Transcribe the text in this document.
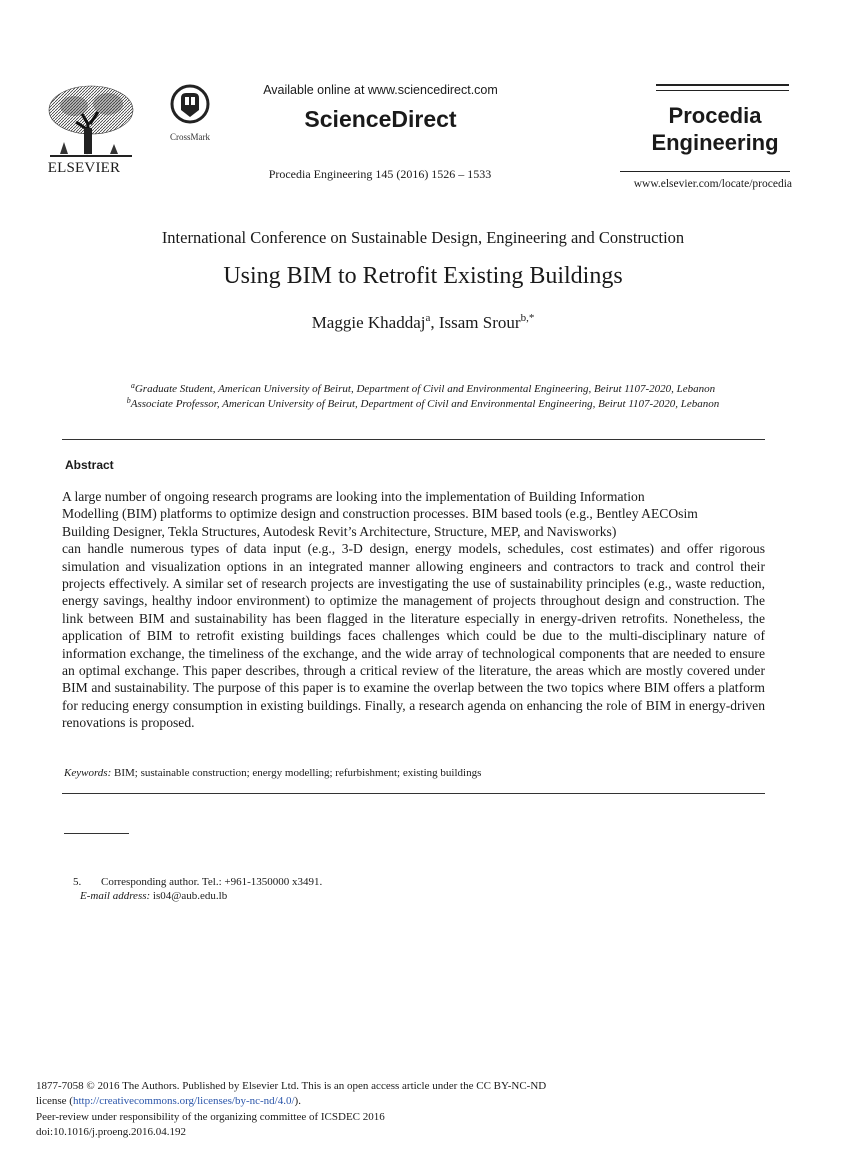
ELSEVIER
CrossMark
Available online at www.sciencedirect.com
ScienceDirect
Procedia Engineering 145 (2016) 1526 – 1533
Procedia
Engineering
www.elsevier.com/locate/procedia
International Conference on Sustainable Design, Engineering and Construction
Using BIM to Retrofit Existing Buildings
Maggie Khaddaj$^a$, Issam Srour$^{b,*}$
$^a$Graduate Student, American University of Beirut, Department of Civil and Environmental Engineering, Beirut 1107-2020, Lebanon
$^b$Associate Professor, American University of Beirut, Department of Civil and Environmental Engineering, Beirut 1107-2020, Lebanon
Abstract
A large number of ongoing research programs are looking into the implementation of Building Information
Modelling (BIM) platforms to optimize design and construction processes. BIM based tools (e.g., Bentley AECOsim
Building Designer, Tekla Structures, Autodesk Revit’s Architecture, Structure, MEP, and Navisworks)
can handle numerous types of data input (e.g., 3-D design, energy models, schedules, cost estimates) and offer rigorous simulation and visualization options in an integrated manner allowing engineers and contractors to track and control their projects effectively. A similar set of research projects are investigating the use of sustainability principles (e.g., waste reduction, energy savings, healthy indoor environment) to optimize the management of projects throughout design and construction. The link between BIM and sustainability has been flagged in the literature especially in energy-driven retrofits. Nonetheless, the application of BIM to retrofit existing buildings faces challenges which could be due to the multi-disciplinary nature of information exchange, the timeliness of the exchange, and the wide array of technological components that are needed to ensure an optimal exchange. This paper describes, through a critical review of the literature, the areas which are mostly covered under BIM and sustainability. The purpose of this paper is to examine the overlap between the two topics where BIM offers a platform for reducing energy consumption in existing buildings. Finally, a research agenda on enhancing the role of BIM in energy-driven renovations is proposed.
Keywords: BIM; sustainable construction; energy modelling; refurbishment; existing buildings
5. Corresponding author. Tel.: +961-1350000 x3491.
E-mail address: is04@aub.edu.lb
1877-7058 © 2016 The Authors. Published by Elsevier Ltd. This is an open access article under the CC BY-NC-ND
license (http://creativecommons.org/licenses/by-nc-nd/4.0/).
Peer-review under responsibility of the organizing committee of ICSDEC 2016
doi:10.1016/j.proeng.2016.04.192
